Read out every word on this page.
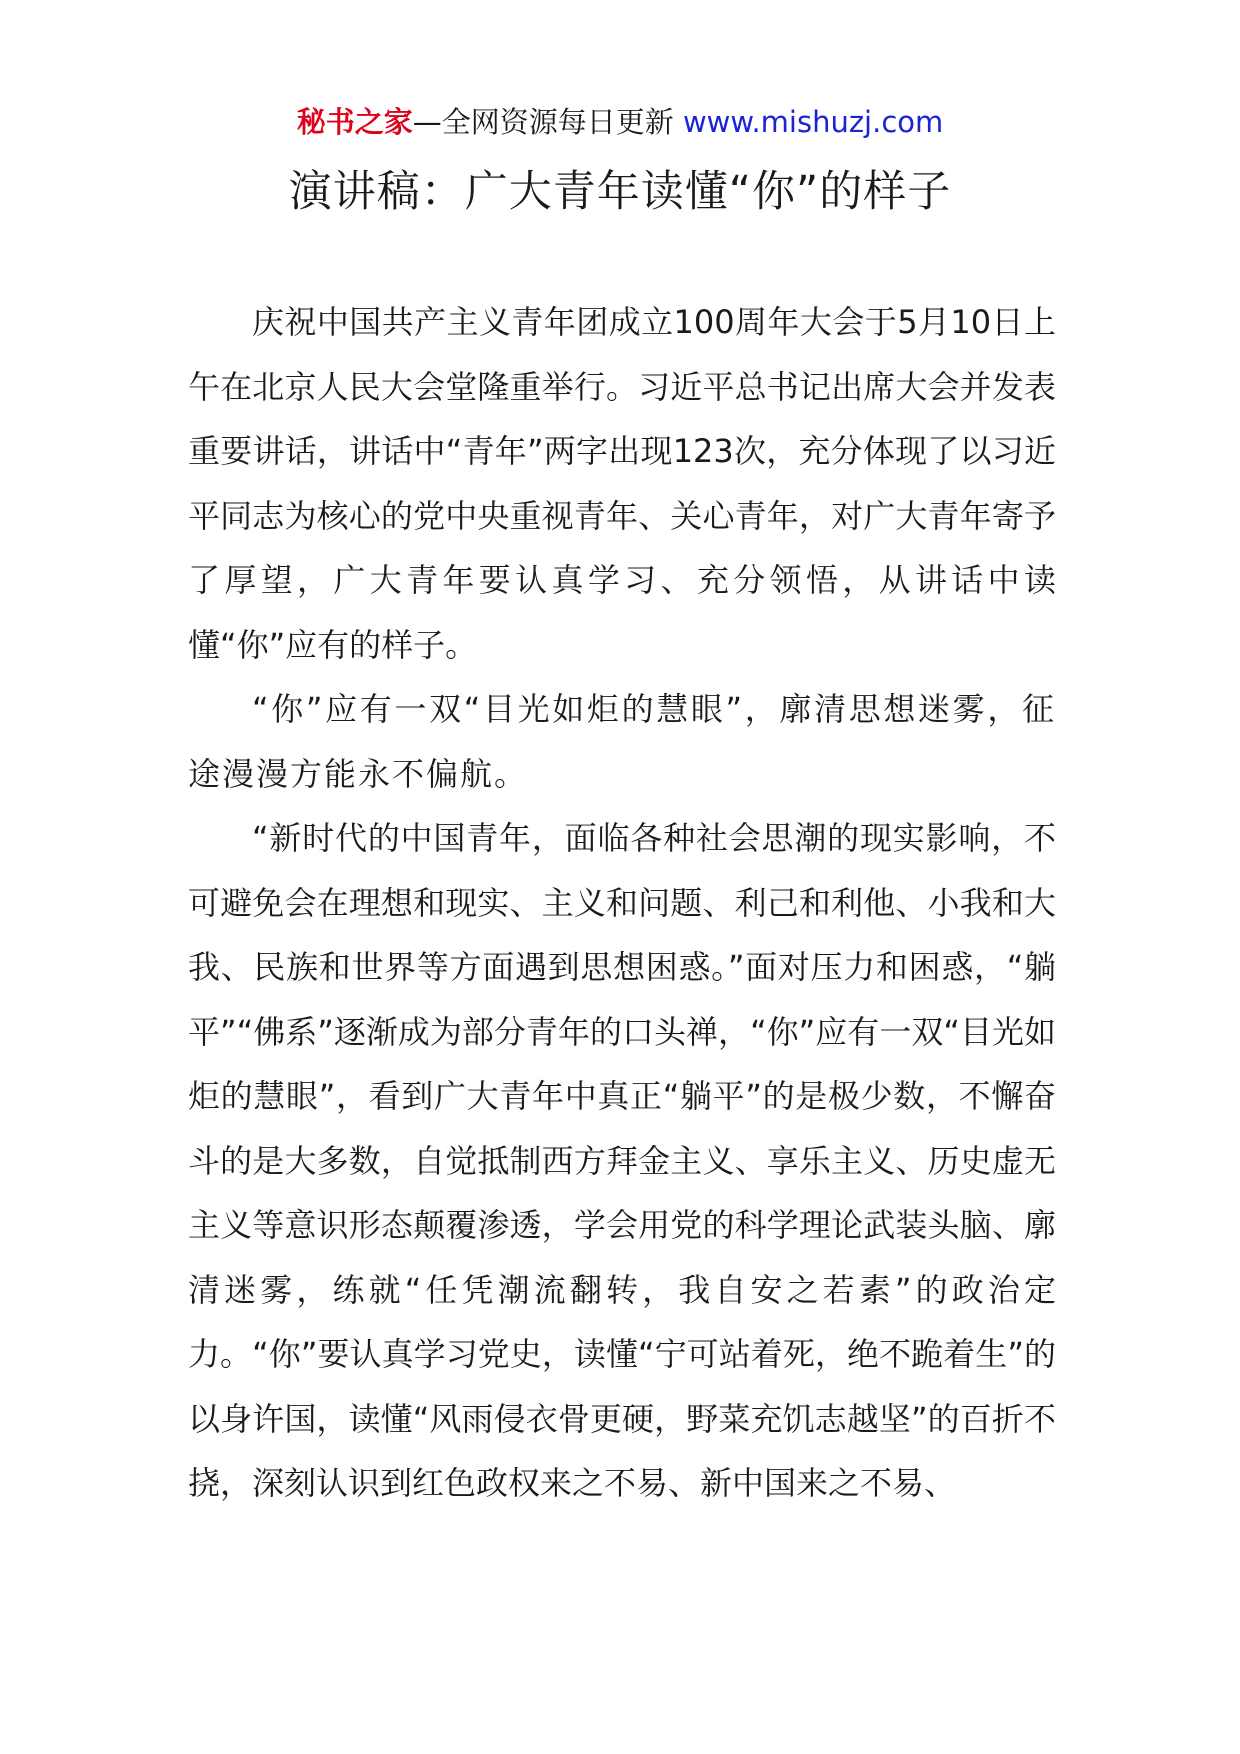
秘书之家—全网资源每日更新 www.mishuzj.com
演讲稿：广大青年读懂“你”的样子

庆祝中国共产主义青年团成立100周年大会于5月10日上午在北京人民大会堂隆重举行。习近平总书记出席大会并发表重要讲话，讲话中“青年”两字出现123次，充分体现了以习近平同志为核心的党中央重视青年、关心青年，对广大青年寄予了厚望，广大青年要认真学习、充分领悟，从讲话中读懂“你”应有的样子。

“你”应有一双“目光如炬的慧眼”，廓清思想迷雾，征途漫漫方能永不偏航。

“新时代的中国青年，面临各种社会思潮的现实影响，不可避免会在理想和现实、主义和问题、利己和利他、小我和大我、民族和世界等方面遇到思想困惑。”面对压力和困惑，“躺平”“佛系”逐渐成为部分青年的口头禅，“你”应有一双“目光如炬的慧眼”，看到广大青年中真正“躺平”的是极少数，不懈奋斗的是大多数，自觉抵制西方拜金主义、享乐主义、历史虚无主义等意识形态颠覆渗透，学会用党的科学理论武装头脑、廓清迷雾，练就“任凭潮流翻转，我自安之若素”的政治定力。“你”要认真学习党史，读懂“宁可站着死，绝不跪着生”的以身许国，读懂“风雨侵衣骨更硬，野菜充饥志越坚”的百折不挠，深刻认识到红色政权来之不易、新中国来之不易、
